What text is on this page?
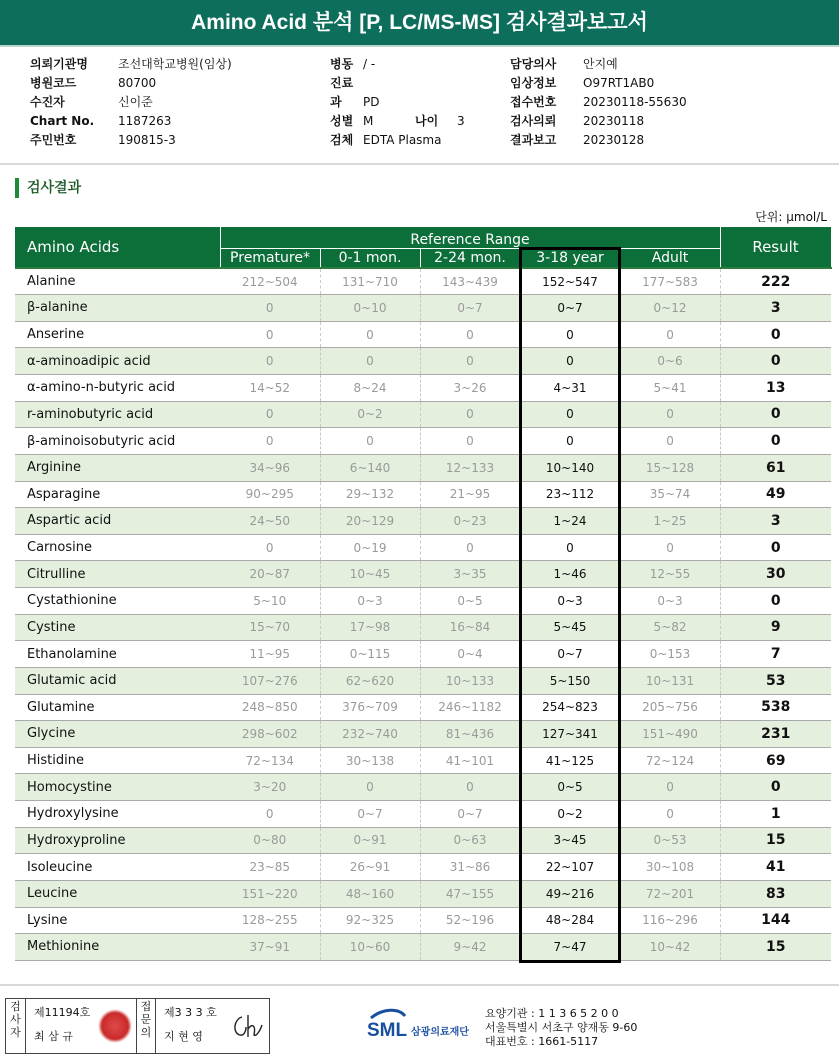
Amino Acid 분석 [P, LC/MS-MS] 검사결과보고서
의뢰기관명	조선대학교병원(임상)
병원코드	80700
수진자	신이준
Chart No. 1187263
주민번호	190815-3
병동 / -
진료과 PD
성별 M	나이 3
검체 EDTA Plasma
담당의사 안지예
임상정보 O97RT1AB0
접수번호 20230118-55630
검사의뢰 20230118
결과보고 20230128
검사결과
단위: μmol/L
Amino Acids	Reference Range					Result
	Premature*	0-1 mon.	2-24 mon.	3-18 year	Adult	
Alanine	212~504	131~710	143~439	152~547	177~583	222
β-alanine	0	0~10	0~7	0~7	0~12	3
Anserine	0	0	0	0	0	0
α-aminoadipic acid	0	0	0	0	0~6	0
α-amino-n-butyric acid	14~52	8~24	3~26	4~31	5~41	13
r-aminobutyric acid	0	0~2	0	0	0	0
β-aminoisobutyric acid	0	0	0	0	0	0
Arginine	34~96	6~140	12~133	10~140	15~128	61
Asparagine	90~295	29~132	21~95	23~112	35~74	49
Aspartic acid	24~50	20~129	0~23	1~24	1~25	3
Carnosine	0	0~19	0	0	0	0
Citrulline	20~87	10~45	3~35	1~46	12~55	30
Cystathionine	5~10	0~3	0~5	0~3	0~3	0
Cystine	15~70	17~98	16~84	5~45	5~82	9
Ethanolamine	11~95	0~115	0~4	0~7	0~153	7
Glutamic acid	107~276	62~620	10~133	5~150	10~131	53
Glutamine	248~850	376~709	246~1182	254~823	205~756	538
Glycine	298~602	232~740	81~436	127~341	151~490	231
Histidine	72~134	30~138	41~101	41~125	72~124	69
Homocystine	3~20	0	0	0~5	0	0
Hydroxylysine	0	0~7	0~7	0~2	0	1
Hydroxyproline	0~80	0~91	0~63	3~45	0~53	15
Isoleucine	23~85	26~91	31~86	22~107	30~108	41
Leucine	151~220	48~160	47~155	49~216	72~201	83
Lysine	128~255	92~325	52~196	48~284	116~296	144
Methionine	37~91	10~60	9~42	7~47	10~42	15
검사자
제11194호
최 삼 규
접문의
제3 3 3 호
지 현 영	SML 삼광의료재단
요양기관 : 1 1 3 6 5 2 0 0
서울특별시 서초구 양재동 9-60
대표번호 : 1661-5117
